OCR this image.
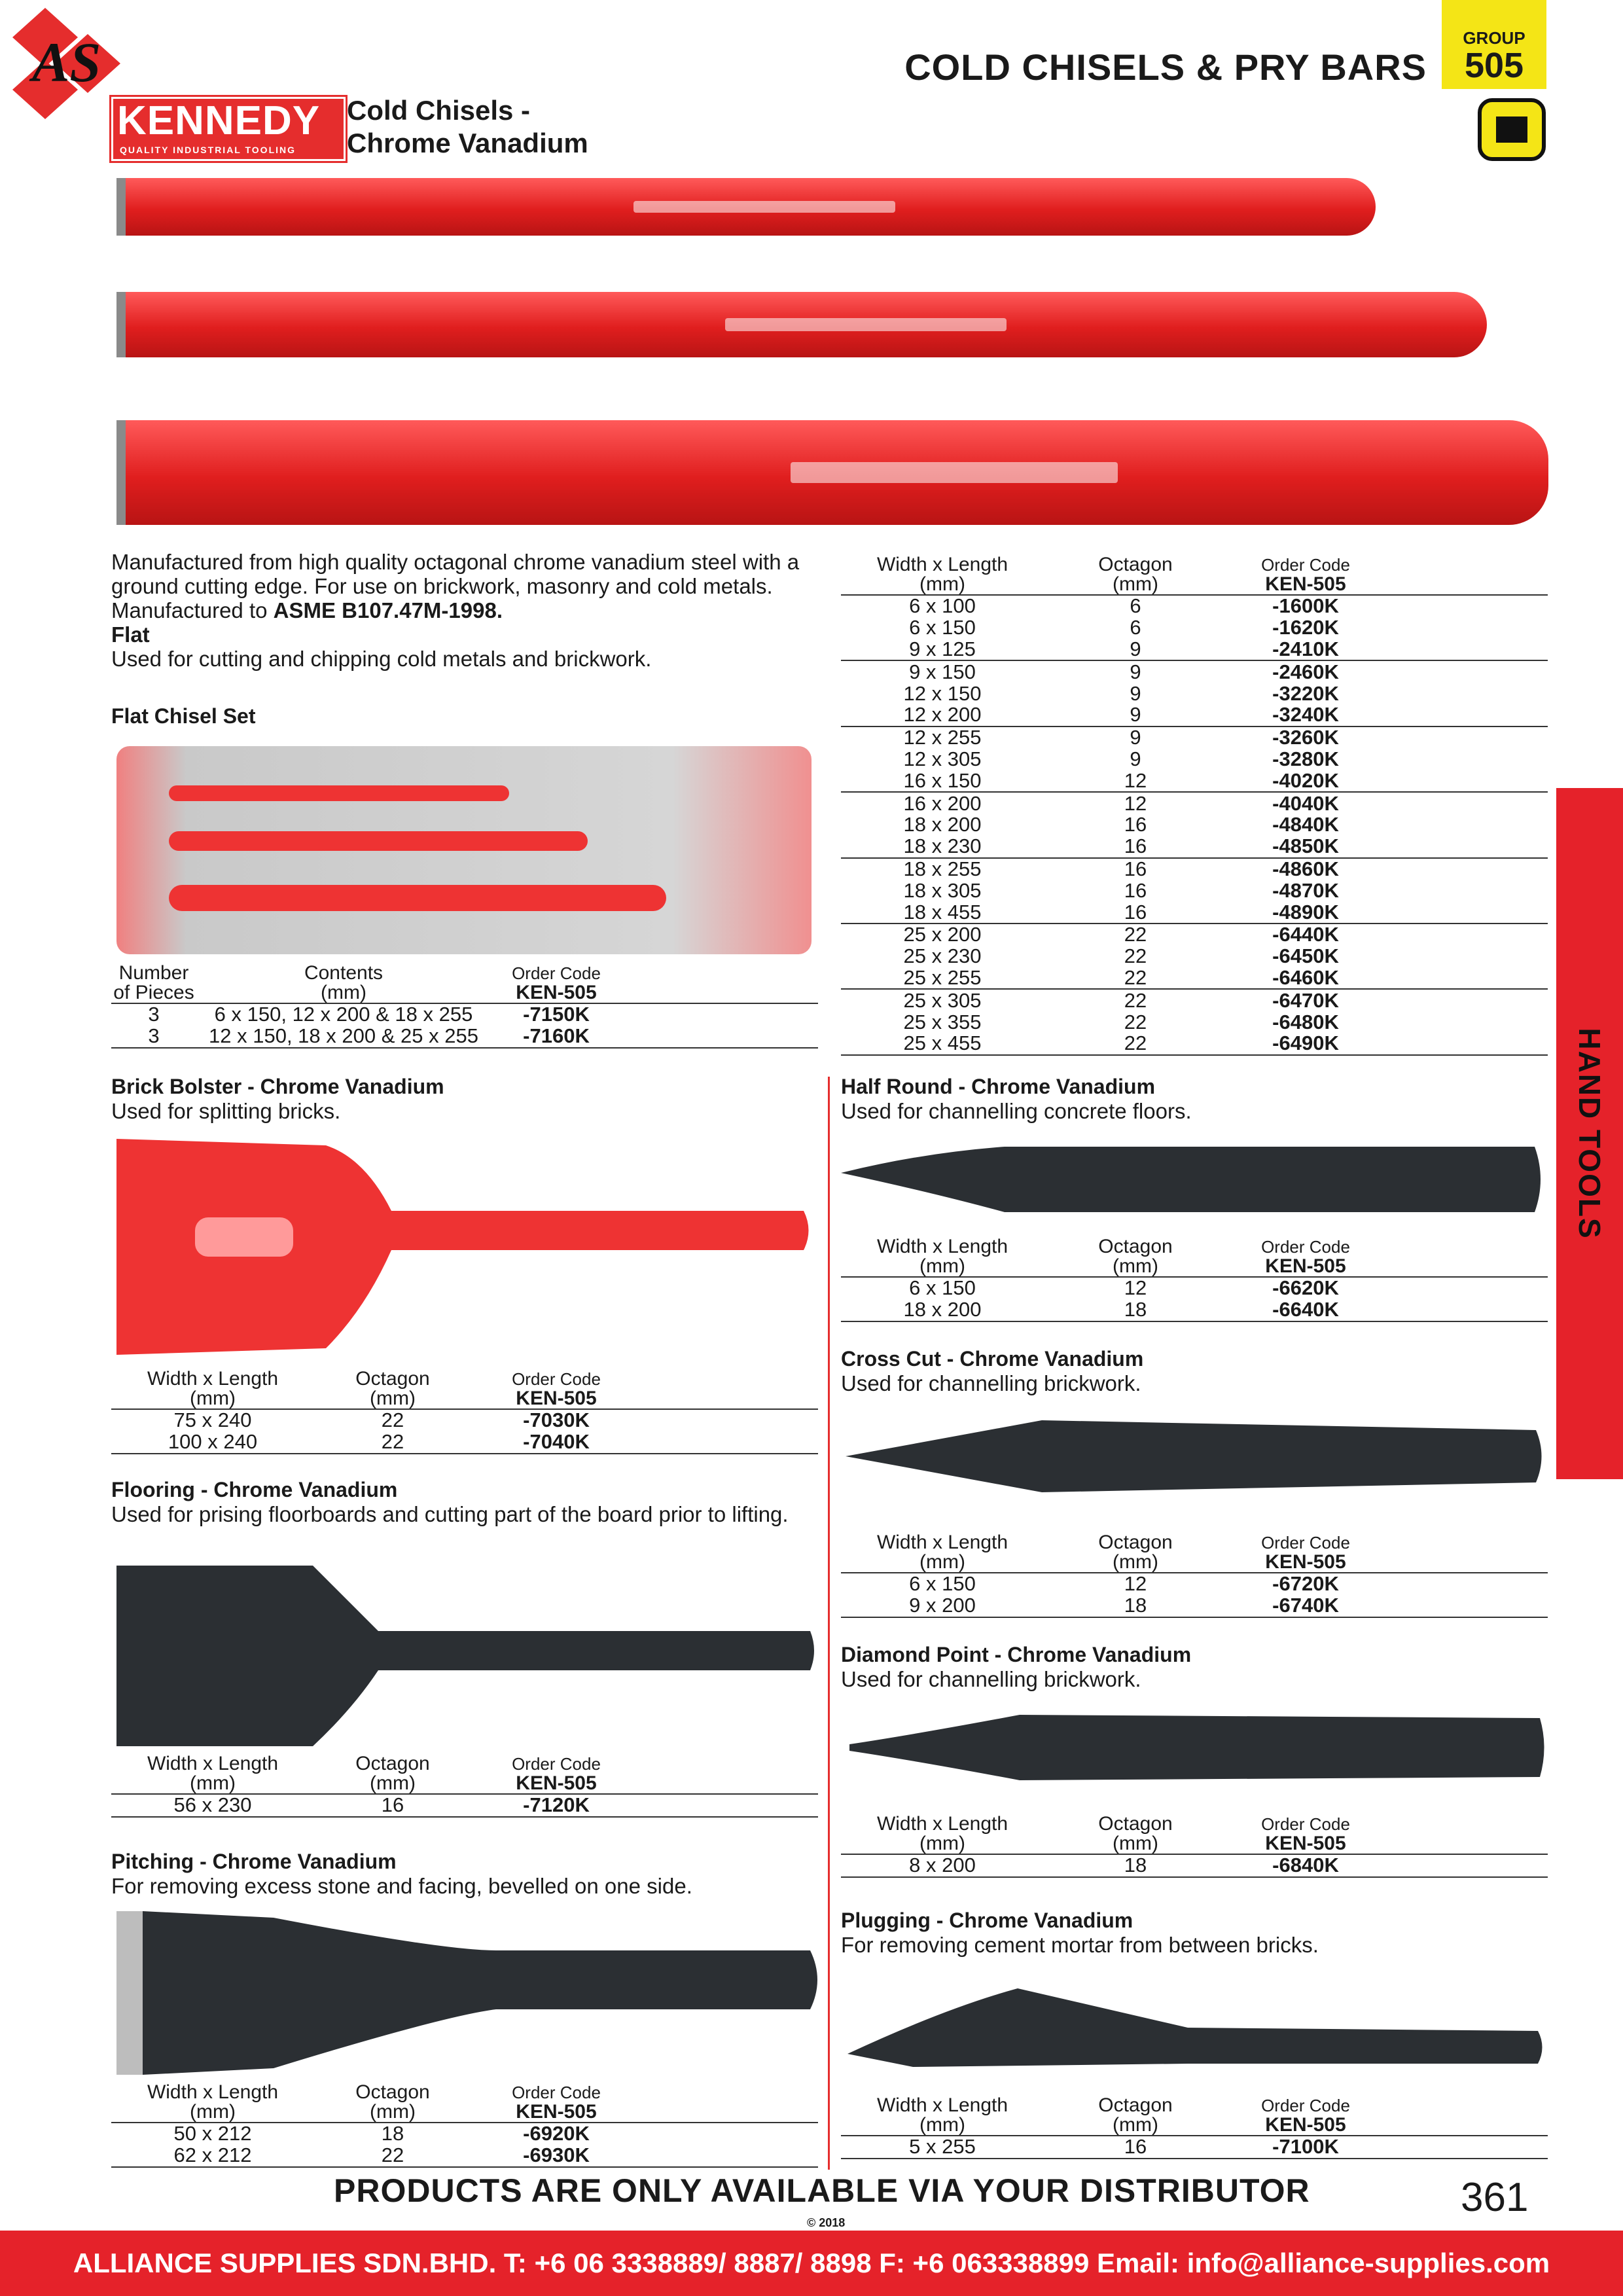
AS
KENNEDY
QUALITY INDUSTRIAL TOOLING
Cold Chisels -
Chrome Vanadium
COLD CHISELS & PRY BARS
GROUP
505
Manufactured from high quality octagonal chrome vanadium steel with a ground cutting edge. For use on brickwork, masonry and cold metals. Manufactured to ASME B107.47M-1998.
Flat
Used for cutting and chipping cold metals and brickwork.
Width x Length
(mm)	Octagon
(mm)	Order Code
KEN-505	
6 x 100	6	-1600K	
6 x 150	6	-1620K	
9 x 125	9	-2410K	
9 x 150	9	-2460K	
12 x 150	9	-3220K	
12 x 200	9	-3240K	
12 x 255	9	-3260K	
12 x 305	9	-3280K	
16 x 150	12	-4020K	
16 x 200	12	-4040K	
18 x 200	16	-4840K	
18 x 230	16	-4850K	
18 x 255	16	-4860K	
18 x 305	16	-4870K	
18 x 455	16	-4890K	
25 x 200	22	-6440K	
25 x 230	22	-6450K	
25 x 255	22	-6460K	
25 x 305	22	-6470K	
25 x 355	22	-6480K	
25 x 455	22	-6490K	
Flat Chisel Set
Number
of Pieces	Contents
(mm)	Order Code
KEN-505	
3	6 x 150, 12 x 200 & 18 x 255	-7150K	
3	12 x 150, 18 x 200 & 25 x 255	-7160K	
Brick Bolster - Chrome Vanadium
Used for splitting bricks.
Width x Length
(mm)	Octagon
(mm)	Order Code
KEN-505	
75 x 240	22	-7030K	
100 x 240	22	-7040K	
Flooring - Chrome Vanadium
Used for prising floorboards and cutting part of the board prior to lifting.
Width x Length
(mm)	Octagon
(mm)	Order Code
KEN-505	
56 x 230	16	-7120K	
Pitching - Chrome Vanadium
For removing excess stone and facing, bevelled on one side.
Width x Length
(mm)	Octagon
(mm)	Order Code
KEN-505	
50 x 212	18	-6920K	
62 x 212	22	-6930K	
Half Round - Chrome Vanadium
Used for channelling concrete floors.
Width x Length
(mm)	Octagon
(mm)	Order Code
KEN-505	
6 x 150	12	-6620K	
18 x 200	18	-6640K	
Cross Cut - Chrome Vanadium
Used for channelling brickwork.
Width x Length
(mm)	Octagon
(mm)	Order Code
KEN-505	
6 x 150	12	-6720K	
9 x 200	18	-6740K	
Diamond Point - Chrome Vanadium
Used for channelling brickwork.
Width x Length
(mm)	Octagon
(mm)	Order Code
KEN-505	
8 x 200	18	-6840K	
Plugging - Chrome Vanadium
For removing cement mortar from between bricks.
Width x Length
(mm)	Octagon
(mm)	Order Code
KEN-505	
5 x 255	16	-7100K	
HAND TOOLS
PRODUCTS ARE ONLY AVAILABLE VIA YOUR DISTRIBUTOR
© 2018
361
ALLIANCE SUPPLIES SDN.BHD. T: +6 06 3338889/ 8887/ 8898 F: +6 063338899 Email: info@alliance-supplies.com
